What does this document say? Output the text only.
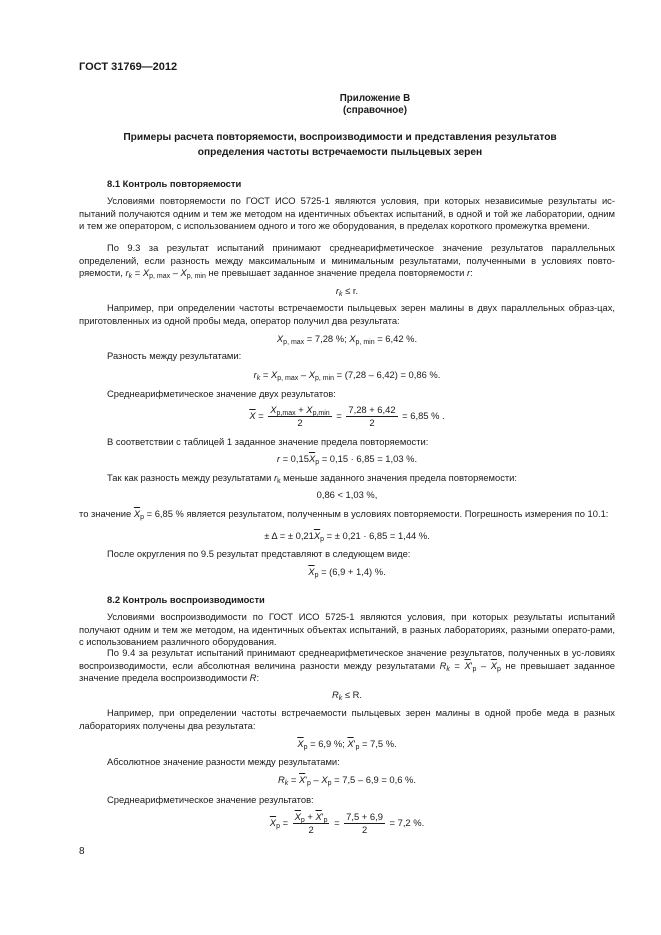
ГОСТ 31769—2012
Приложение В
(справочное)
Примеры расчета повторяемости, воспроизводимости и представления результатов
определения частоты встречаемости пыльцевых зерен
8.1 Контроль повторяемости
Условиями повторяемости по ГОСТ ИСО 5725-1 являются условия, при которых независимые результаты ис-пытаний получаются одним и тем же методом на идентичных объектах испытаний, в одной и той же лаборатории, одним и тем же оператором, с использованием одного и того же оборудования, в пределах короткого промежутка времени.
По 9.3 за результат испытаний принимают среднеарифметическое значение результатов параллельных определений, если разность между максимальным и минимальным результатами, полученными в условиях повто-ряемости, $r_k = X_{p, max} - X_{p, min}$ не превышает заданное значение предела повторяемости r:
$r_k \le r$.
Например, при определении частоты встречаемости пыльцевых зерен малины в двух параллельных образ-цах, приготовленных из одной пробы меда, оператор получил два результата:
$X_{p, max} = 7,28$ %; $X_{p, min} = 6,42$ %.
Разность между результатами:
$r_k = X_{p, max} - X_{p, min} = (7,28 - 6,42) = 0,86$ %.
Среднеарифметическое значение двух результатов:
$\overline{X} = \frac{X_{p,max} + X_{p,min}}{2} = \frac{7,28 + 6,42}{2} = 6,85$ % .
В соответствии с таблицей 1 заданное значение предела повторяемости:
$r = 0,15\overline{X}_p = 0,15 \cdot 6,85 = 1,03$ %.
Так как разность между результатами $r_k$ меньше заданного значения предела повторяемости:
0,86 < 1,03 %,
то значение $\overline{X}_p = 6,85$ % является результатом, полученным в условиях повторяемости. Погрешность измерения по 10.1:
± Δ = ± $0,21\overline{X}_p$ = ± 0,21 · 6,85 = 1,44 %.
После округления по 9.5 результат представляют в следующем виде:
$\overline{X}_p = (6,9 + 1,4)$ %.
8.2 Контроль воспроизводимости
Условиями воспроизводимости по ГОСТ ИСО 5725-1 являются условия, при которых результаты испытаний получают одним и тем же методом, на идентичных объектах испытаний, в разных лабораториях, разными операто-рами, с использованием различного оборудования.
По 9.4 за результат испытаний принимают среднеарифметическое значение результатов, полученных в ус-ловиях воспроизводимости, если абсолютная величина разности между результатами $R_k = \overline{X}'_p - \overline{X}_p$ не превышает заданное значение предела воспроизводимости R:
$R_k \le R$.
Например, при определении частоты встречаемости пыльцевых зерен малины в одной пробе меда в разных лабораториях получены два результата:
$\overline{X}_p = 6,9$ %; $\overline{X}'_p = 7,5$ %.
Абсолютное значение разности между результатами:
$R_k = \overline{X}'_p - X_p = 7,5 - 6,9 = 0,6$ %.
Среднеарифметическое значение результатов:
$\overline{X}_p = \frac{\overline{X}_p + \overline{X}'_p}{2} = \frac{7,5 + 6,9}{2} = 7,2$ %.
8
